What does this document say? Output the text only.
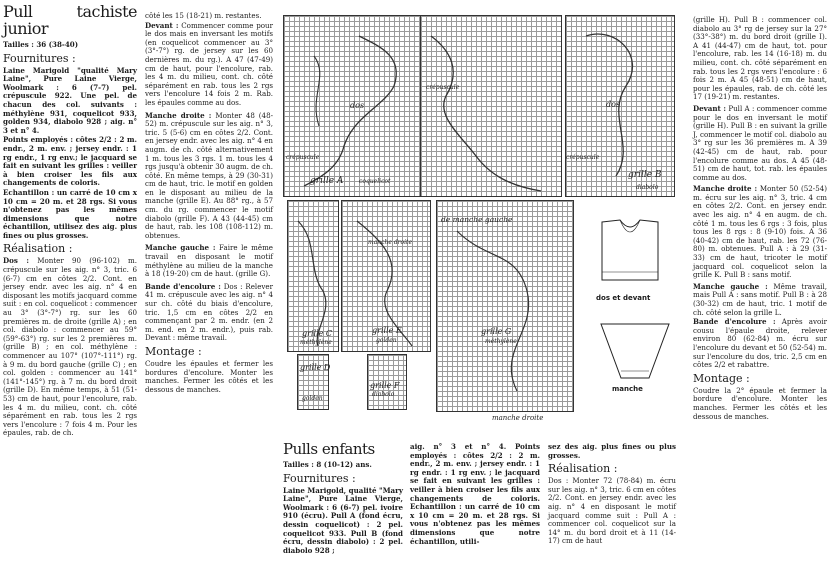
Pull tachiste junior

Tailles : 36 (38-40)

Fournitures :

Laine Marigold "qualité Mary Laine", Pure Laine Vierge, Woolmark : 6 (7-7) pel. crépuscule 922. Une pel. de chacun des col. suivants : méthylène 931, coquelicot 933, golden 934, diabolo 928 ; aig. n° 3 et n° 4.

Points employés : côtes 2/2 : 2 m. endr., 2 m. env. ; jersey endr. : 1 rg endr., 1 rg env.; le jacquard se fait en suivant les grilles : veiller à bien croiser les fils aux changements de coloris.

Echantillon : un carré de 10 cm x 10 cm = 20 m. et 28 rgs. Si vous n'obtenez pas les mêmes dimensions que notre échantillon, utilisez des aig. plus fines ou plus grosses.

Réalisation :

Dos : Monter 90 (96-102) m. crépuscule sur les aig. n° 3, tric. 6 (6-7) cm en côtes 2/2. Cont. en jersey endr. avec les aig. n° 4 en disposant les motifs jacquard comme suit : en col. coquelicot : commencer au 3° (3°-7°) rg. sur les 60 premières m. de droite (grille A) ; en col. diabolo : commencer au 59° (59°-63°) rg. sur les 2 premières m. (grille B) ; en col. méthylène : commencer au 107° (107°-111°) rg. à 9 m. du bord gauche (grille C) ; en col. golden : commencer au 141° (141°-145°) rg. à 7 m. du bord droit (grille D). En même temps, à 51 (51-53) cm de haut, pour l'encolure, rab. les 4 m. du milieu, cont. ch. côté séparément en rab. tous les 2 rgs vers l'encolure : 7 fois 4 m. Pour les épaules, rab. de ch.

côté les 15 (18-21) m. restantes.

Devant : Commencer comme pour le dos mais en inversant les motifs (en coquelicot commencer au 3° (3°-7°) rg. de jersey sur les 60 dernières m. du rg.). A 47 (47-49) cm de haut, pour l'encolure, rab. les 4 m. du milieu, cont. ch. côté séparément en rab. tous les 2 rgs vers l'encolure 14 fois 2 m. Rab. les épaules comme au dos.

Manche droite : Monter 48 (48-52) m. crépuscule sur les aig. n° 3, tric. 5 (5-6) cm en côtes 2/2. Cont. en jersey endr. avec les aig. n° 4 en augm. de ch. côté alternativement 1 m. tous les 3 rgs. 1 m. tous les 4 rgs jusqu'à obtenir 30 augm. de ch. côté. En même temps, à 29 (30-31) cm de haut, tric. le motif en golden en le disposant au milieu de la manche (grille E). Au 88° rg., à 57 cm. du rg. commencer le motif diabolo (grille F). A 43 (44-45) cm de haut, rab. les 108 (108-112) m. obtenues.

Manche gauche : Faire le même travail en disposant le motif méthylène au milieu de la manche à 18 (19-20) cm de haut. (grille G).

Bande d'encolure : Dos : Relever 41 m. crépuscule avec les aig. n° 4 sur ch. côté du biais d'encolure, tric. 1,5 cm en côtes 2/2 en commençant par 2 m. endr. (en 2 m. end. en 2 m. endr.), puis rab. Devant : même travail.

Montage :

Coudre les épaules et fermer les bordures d'encolure. Monter les manches. Fermer les côtés et les dessous de manches.

crépuscule
dos
grille A	coquelicot
crépuscule
dos
crépuscule
grille B
diabolo
grille C
méthylène
grille D
golden
manche droite
grille E
golden
grille F
diabolo
de manche gauche
grille G
méthylène
manche droite
dos et devant
manche
Pulls enfants

Tailles : 8 (10-12) ans.

Fournitures :

Laine Marigold, qualité "Mary Laine", Pure Laine Vierge, Woolmark : 6 (6-7) pel. ivoire 910 (écru). Pull A (fond écru, dessin coquelicot) : 2 pel. coquelicot 933. Pull B (fond écru, dessin diabolo) : 2 pel. diabolo 928 ;

aig. n° 3 et n° 4. Points employés : côtes 2/2 : 2 m. endr., 2 m. env. ; jersey endr. : 1 rg endr. : 1 rg env. ; le jacquard se fait en suivant les grilles : veiller à bien croiser les fils aux changements de coloris. Echantillon : un carré de 10 cm x 10 cm = 20 m. et 28 rgs. Si vous n'obtenez pas les mêmes dimensions que notre échantillon, utili-

sez des aig. plus fines ou plus grosses.

Réalisation :

Dos : Monter 72 (78-84) m. écru sur les aig. n° 3, tric. 6 cm en côtes 2/2. Cont. en jersey endr. avec les aig. n° 4 en disposant le motif jacquard comme suit : Pull A : commencer col. coquelicot sur la 14° m. du bord droit et à 11 (14-17) cm de haut

(grille H). Pull B : commencer col. diabolo au 3° rg de jersey sur la 27° (33°-38°) m. du bord droit (grille I). A 41 (44-47) cm de haut, tot. pour l'encolure, rab. les 14 (16-18) m. du milieu, cont. ch. côté séparément en rab. tous les 2 rgs vers l'encolure : 6 fois 2 m. A 45 (48-51) cm de haut, pour les épaules, rab. de ch. côté les 17 (19-21) m. restantes.

Devant : Pull A : commencer comme pour le dos en inversant le motif (grille H). Pull B : en suivant la grille J, commencer le motif col. diabolo au 3° rg sur les 36 premières m. A 39 (42-45) cm de haut, rab. pour l'encolure comme au dos. A 45 (48-51) cm de haut, tot. rab. les épaules comme au dos.

Manche droite : Monter 50 (52-54) m. écru sur les aig. n° 3, tric. 4 cm en côtes 2/2. Cont. en jersey endr. avec les aig. n° 4 en augm. de ch. côté 1 m. tous les 6 rgs : 3 fois, plus tous les 8 rgs : 8 (9-10) fois. A 36 (40-42) cm de haut, rab. les 72 (76-80) m. obtenues. Pull A : à 29 (31-33) cm de haut, tricoter le motif jacquard col. coquelicot selon la grille K. Pull B : sans motif.

Manche gauche : Même travail, mais Pull A : sans motif. Pull B : à 28 (30-32) cm de haut, tric. 1 motif de ch. côté selon la grille L.

Bande d'encolure : Après avoir cousu l'épaule droite, relever environ 80 (62-84) m. écru sur l'encolure du devant et 50 (52-54) m. sur l'encolure du dos, tric. 2,5 cm en côtes 2/2 et rabattre.

Montage :

Coudre la 2° épaule et fermer la bordure d'encolure. Monter les manches. Fermer les côtés et les dessous de manches.
